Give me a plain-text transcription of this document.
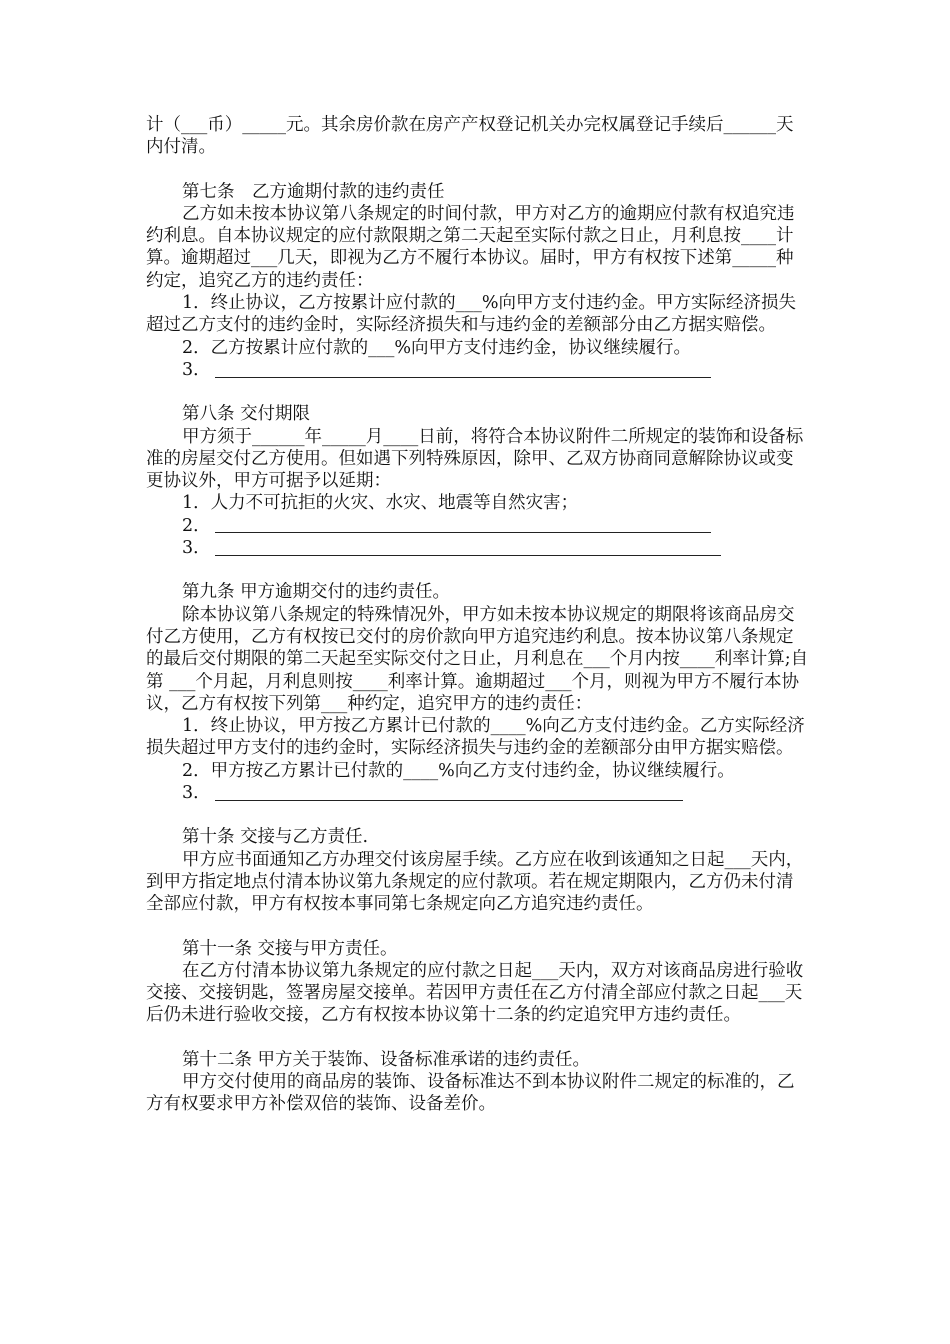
计（___币）_____元。其余房价款在房产产权登记机关办完权属登记手续后______天内付清。

第七条　乙方逾期付款的违约责任

乙方如未按本协议第八条规定的时间付款，甲方对乙方的逾期应付款有权追究违约利息。自本协议规定的应付款限期之第二天起至实际付款之日止，月利息按____计算。逾期超过___几天，即视为乙方不履行本协议。届时，甲方有权按下述第_____种约定，追究乙方的违约责任：

1．终止协议，乙方按累计应付款的___%向甲方支付违约金。甲方实际经济损失超过乙方支付的违约金时，实际经济损失和与违约金的差额部分由乙方据实赔偿。

2．乙方按累计应付款的___%向甲方支付违约金，协议继续履行。

3．

第八条 交付期限

甲方须于______年_____月____日前，将符合本协议附件二所规定的装饰和设备标准的房屋交付乙方使用。但如遇下列特殊原因，除甲、乙双方协商同意解除协议或变更协议外，甲方可据予以延期：

1．人力不可抗拒的火灾、水灾、地震等自然灾害；

2．
3．

第九条 甲方逾期交付的违约责任。

除本协议第八条规定的特殊情况外，甲方如未按本协议规定的期限将该商品房交付乙方使用，乙方有权按已交付的房价款向甲方追究违约利息。按本协议第八条规定的最后交付期限的第二天起至实际交付之日止，月利息在___个月内按____利率计算;自第 ___个月起，月利息则按____利率计算。逾期超过___个月，则视为甲方不履行本协议，乙方有权按下列第___种约定，追究甲方的违约责任：

1．终止协议，甲方按乙方累计已付款的____%向乙方支付违约金。乙方实际经济损失超过甲方支付的违约金时，实际经济损失与违约金的差额部分由甲方据实赔偿。

2．甲方按乙方累计已付款的____%向乙方支付违约金，协议继续履行。

3．

第十条 交接与乙方责任.

甲方应书面通知乙方办理交付该房屋手续。乙方应在收到该通知之日起___天内，到甲方指定地点付清本协议第九条规定的应付款项。若在规定期限内，乙方仍未付清全部应付款，甲方有权按本事同第七条规定向乙方追究违约责任。

第十一条 交接与甲方责任。

在乙方付清本协议第九条规定的应付款之日起___天内，双方对该商品房进行验收交接、交接钥匙，签署房屋交接单。若因甲方责任在乙方付清全部应付款之日起___天后仍未进行验收交接，乙方有权按本协议第十二条的约定追究甲方违约责任。

第十二条 甲方关于装饰、设备标准承诺的违约责任。

甲方交付使用的商品房的装饰、设备标准达不到本协议附件二规定的标准的，乙方有权要求甲方补偿双倍的装饰、设备差价。
